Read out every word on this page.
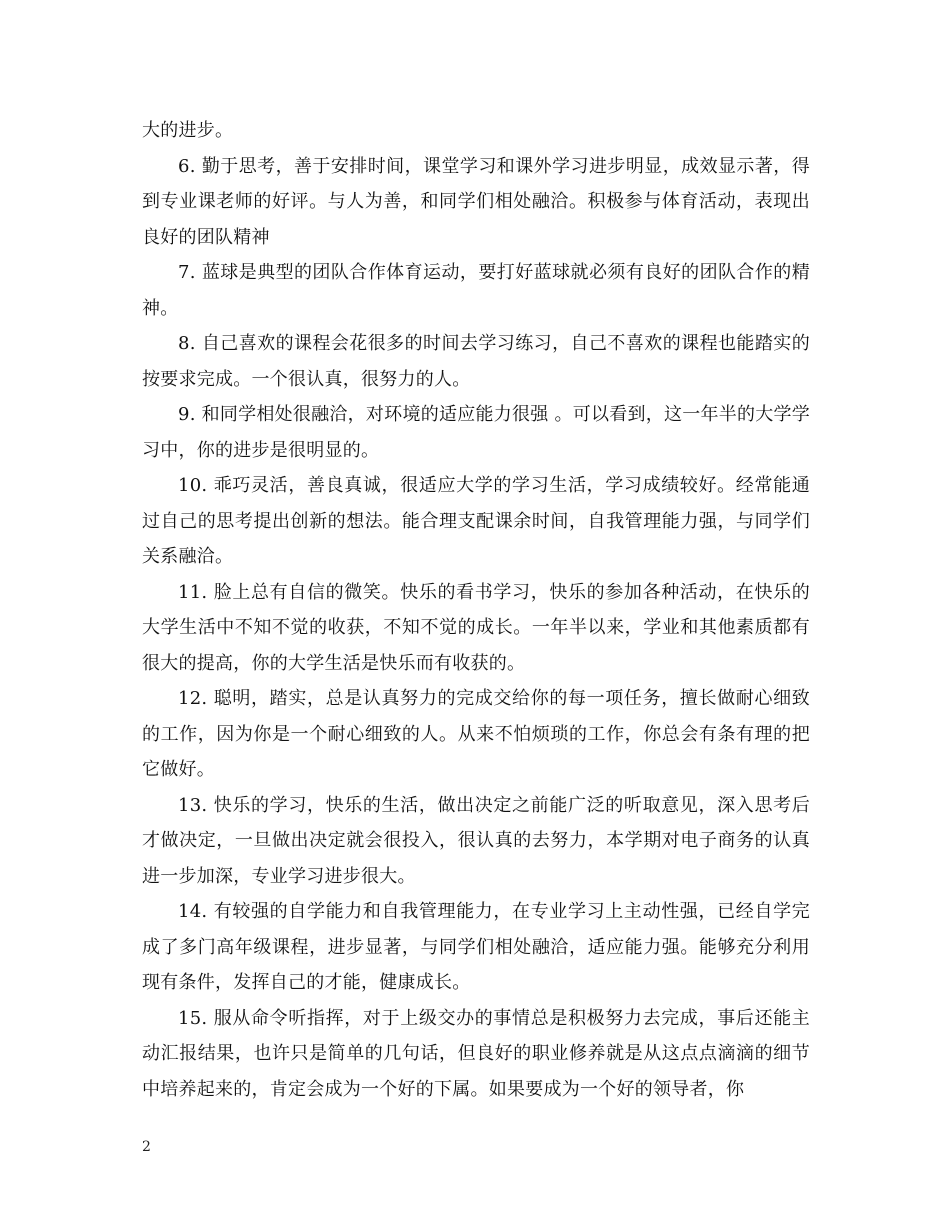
大的进步。

6. 勤于思考，善于安排时间，课堂学习和课外学习进步明显，成效显示著，得到专业课老师的好评。与人为善，和同学们相处融洽。积极参与体育活动，表现出良好的团队精神

7. 蓝球是典型的团队合作体育运动，要打好蓝球就必须有良好的团队合作的精神。

8. 自己喜欢的课程会花很多的时间去学习练习，自己不喜欢的课程也能踏实的按要求完成。一个很认真，很努力的人。

9. 和同学相处很融洽，对环境的适应能力很强 。可以看到，这一年半的大学学习中，你的进步是很明显的。

10. 乖巧灵活，善良真诚，很适应大学的学习生活，学习成绩较好。经常能通过自己的思考提出创新的想法。能合理支配课余时间，自我管理能力强，与同学们关系融洽。

11. 脸上总有自信的微笑。快乐的看书学习，快乐的参加各种活动，在快乐的大学生活中不知不觉的收获，不知不觉的成长。一年半以来，学业和其他素质都有很大的提高，你的大学生活是快乐而有收获的。

12. 聪明，踏实，总是认真努力的完成交给你的每一项任务，擅长做耐心细致的工作，因为你是一个耐心细致的人。从来不怕烦琐的工作，你总会有条有理的把它做好。

13. 快乐的学习，快乐的生活，做出决定之前能广泛的听取意见，深入思考后才做决定，一旦做出决定就会很投入，很认真的去努力，本学期对电子商务的认真进一步加深，专业学习进步很大。

14. 有较强的自学能力和自我管理能力，在专业学习上主动性强，已经自学完成了多门高年级课程，进步显著，与同学们相处融洽，适应能力强。能够充分利用现有条件，发挥自己的才能，健康成长。

15. 服从命令听指挥，对于上级交办的事情总是积极努力去完成，事后还能主动汇报结果，也许只是简单的几句话，但良好的职业修养就是从这点点滴滴的细节中培养起来的，肯定会成为一个好的下属。如果要成为一个好的领导者，你

2
